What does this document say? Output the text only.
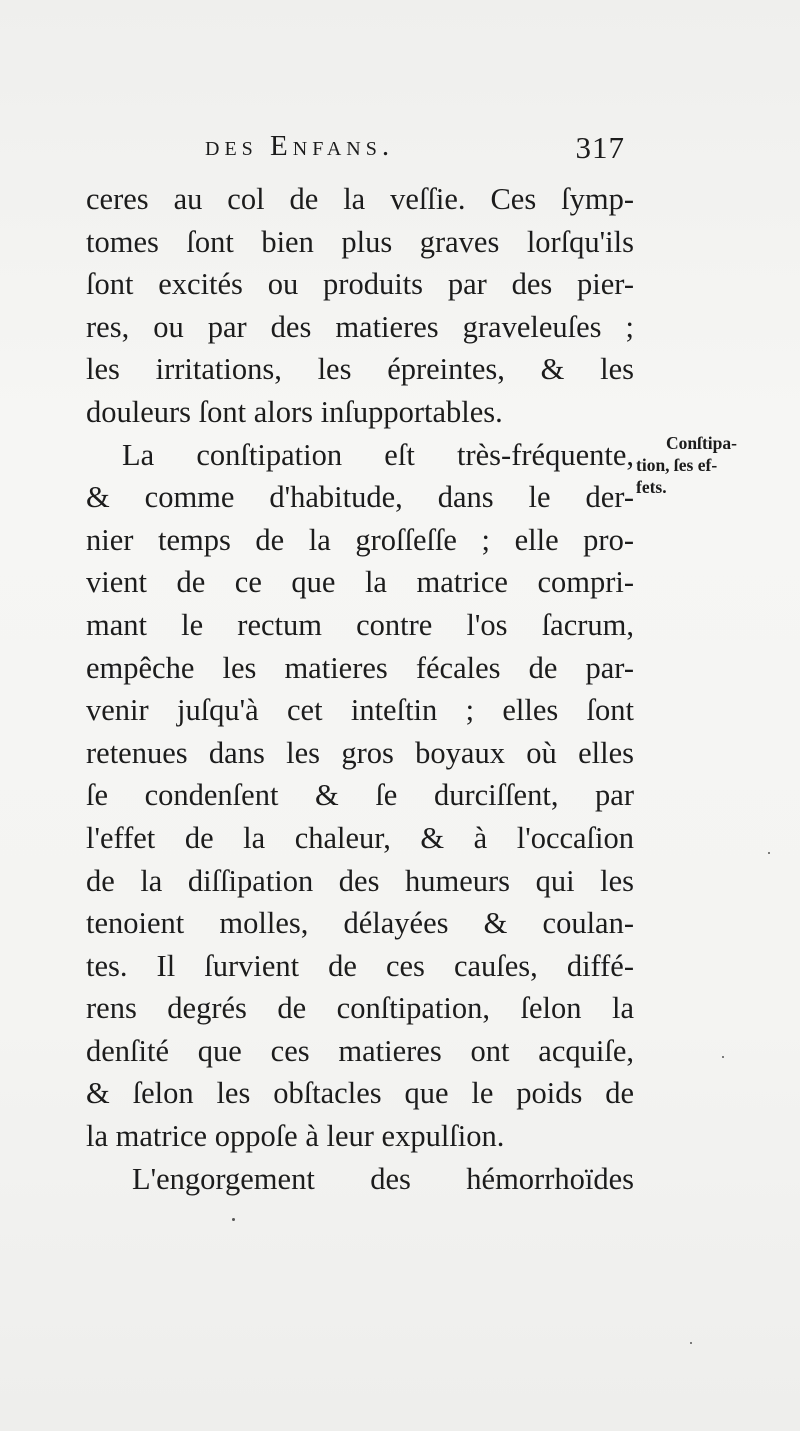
des Enfans.	317
ceres au col de la veſſie. Ces ſymp-
tomes ſont bien plus graves lorſqu'ils
ſont excités ou produits par des pier-
res, ou par des matieres graveleuſes ;
les irritations, les épreintes, & les
douleurs ſont alors inſupportables.
La conſtipation eſt très-fréquente,
& comme d'habitude, dans le der-
nier temps de la groſſeſſe ; elle pro-
vient de ce que la matrice compri-
mant le rectum contre l'os ſacrum,
empêche les matieres fécales de par-
venir juſqu'à cet inteſtin ; elles ſont
retenues dans les gros boyaux où elles
ſe condenſent & ſe durciſſent, par
l'effet de la chaleur, & à l'occaſion
de la diſſipation des humeurs qui les
tenoient molles, délayées & coulan-
tes. Il ſurvient de ces cauſes, diffé-
rens degrés de conſtipation, ſelon la
denſité que ces matieres ont acquiſe,
& ſelon les obſtacles que le poids de
la matrice oppoſe à leur expulſion.
L'engorgement des hémorrhoïdes
Conſtipa-
tion, ſes ef-
fets.
